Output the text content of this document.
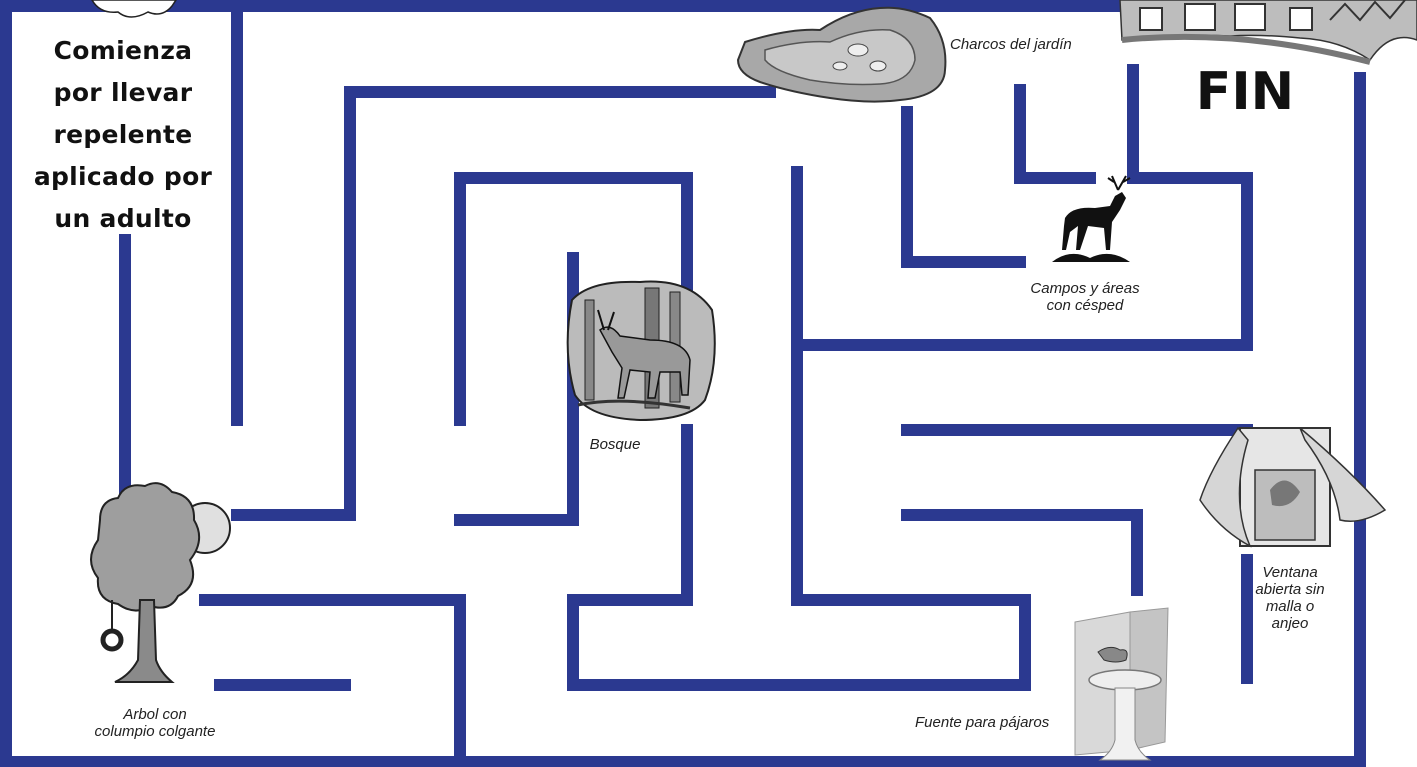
Comienza
por llevar
repelente
aplicado por
un adulto
FIN
Charcos del jardín
Campos y áreas
con césped
Bosque
Arbol con
columpio colgante
Fuente para pájaros
Ventana
abierta sin
malla o
anjeo
